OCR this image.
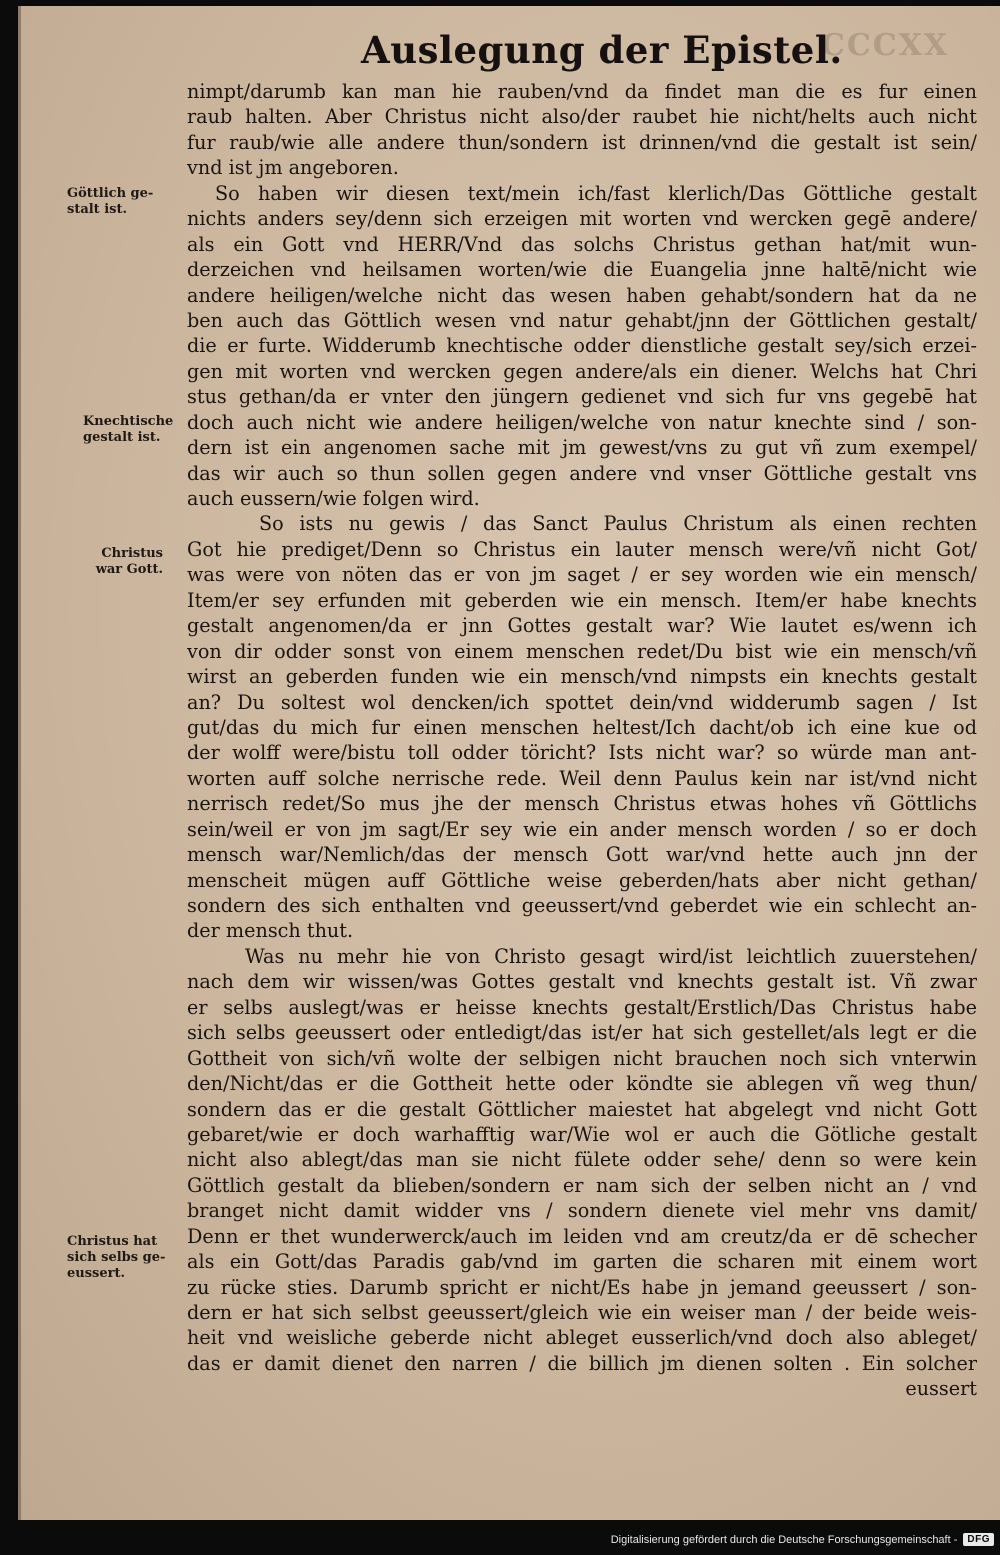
CCCXX
Auslegung der Epistel.
nimpt/darumb kan man hie rauben/vnd da findet man die es fur einen
raub halten. Aber Christus nicht also/der raubet hie nicht/helts auch nicht
fur raub/wie alle andere thun/sondern ist drinnen/vnd die gestalt ist sein/
vnd ist jm angeboren.
So haben wir diesen text/mein ich/fast klerlich/Das Göttliche gestalt
nichts anders sey/denn sich erzeigen mit worten vnd wercken gegē andere/
als ein Gott vnd HERR/Vnd das solchs Christus gethan hat/mit wun-
derzeichen vnd heilsamen worten/wie die Euangelia jnne haltē/nicht wie
andere heiligen/welche nicht das wesen haben gehabt/sondern hat da ne
ben auch das Göttlich wesen vnd natur gehabt/jnn der Göttlichen gestalt/
die er furte. Widderumb knechtische odder dienstliche gestalt sey/sich erzei-
gen mit worten vnd wercken gegen andere/als ein diener. Welchs hat Chri
stus gethan/da er vnter den jüngern gedienet vnd sich fur vns gegebē hat
doch auch nicht wie andere heiligen/welche von natur knechte sind / son-
dern ist ein angenomen sache mit jm gewest/vns zu gut vñ zum exempel/
das wir auch so thun sollen gegen andere vnd vnser Göttliche gestalt vns
auch eussern/wie folgen wird.
So ists nu gewis / das Sanct Paulus Christum als einen rechten
Got hie prediget/Denn so Christus ein lauter mensch were/vñ nicht Got/
was were von nöten das er von jm saget / er sey worden wie ein mensch/
Item/er sey erfunden mit geberden wie ein mensch. Item/er habe knechts
gestalt angenomen/da er jnn Gottes gestalt war? Wie lautet es/wenn ich
von dir odder sonst von einem menschen redet/Du bist wie ein mensch/vñ
wirst an geberden funden wie ein mensch/vnd nimpsts ein knechts gestalt
an? Du soltest wol dencken/ich spottet dein/vnd widderumb sagen / Ist
gut/das du mich fur einen menschen heltest/Ich dacht/ob ich eine kue od
der wolff were/bistu toll odder töricht? Ists nicht war? so würde man ant-
worten auff solche nerrische rede. Weil denn Paulus kein nar ist/vnd nicht
nerrisch redet/So mus jhe der mensch Christus etwas hohes vñ Göttlichs
sein/weil er von jm sagt/Er sey wie ein ander mensch worden / so er doch
mensch war/Nemlich/das der mensch Gott war/vnd hette auch jnn der
menscheit mügen auff Göttliche weise geberden/hats aber nicht gethan/
sondern des sich enthalten vnd geeussert/vnd geberdet wie ein schlecht an-
der mensch thut.
Was nu mehr hie von Christo gesagt wird/ist leichtlich zuuerstehen/
nach dem wir wissen/was Gottes gestalt vnd knechts gestalt ist. Vñ zwar
er selbs auslegt/was er heisse knechts gestalt/Erstlich/Das Christus habe
sich selbs geeussert oder entledigt/das ist/er hat sich gestellet/als legt er die
Gottheit von sich/vñ wolte der selbigen nicht brauchen noch sich vnterwin
den/Nicht/das er die Gottheit hette oder köndte sie ablegen vñ weg thun/
sondern das er die gestalt Göttlicher maiestet hat abgelegt vnd nicht Gott
gebaret/wie er doch warhafftig war/Wie wol er auch die Götliche gestalt
nicht also ablegt/das man sie nicht fülete odder sehe/ denn so were kein
Göttlich gestalt da blieben/sondern er nam sich der selben nicht an / vnd
branget nicht damit widder vns / sondern dienete viel mehr vns damit/
Denn er thet wunderwerck/auch im leiden vnd am creutz/da er dē schecher
als ein Gott/das Paradis gab/vnd im garten die scharen mit einem wort
zu rücke sties. Darumb spricht er nicht/Es habe jn jemand geeussert / son-
dern er hat sich selbst geeussert/gleich wie ein weiser man / der beide weis-
heit vnd weisliche geberde nicht ableget eusserlich/vnd doch also ableget/
das er damit dienet den narren / die billich jm dienen solten . Ein solcher
eussert
Göttlich ge-
stalt ist.
Knechtische
gestalt ist.
Christus
war Gott.
Christus hat
sich selbs ge-
eussert.
Digitalisierung gefördert durch die Deutsche Forschungsgemeinschaft -	DFG
